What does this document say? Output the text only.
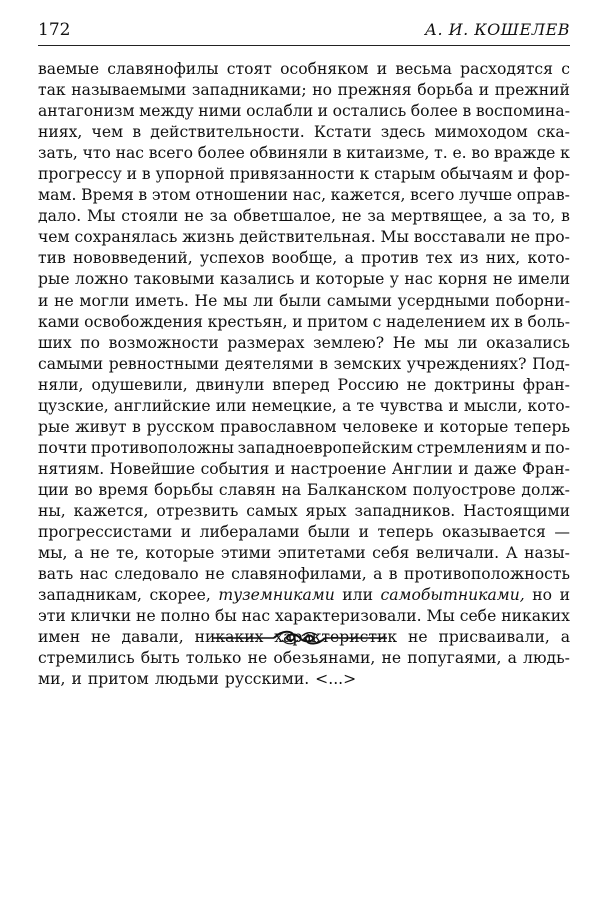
172	А. И. КОШЕЛЕВ
ваемые славянофилы стоят особняком и весьма расходятся с
так называемыми западниками; но прежняя борьба и прежний
антагонизм между ними ослабли и остались более в воспомина-
ниях, чем в действительности. Кстати здесь мимоходом ска-
зать, что нас всего более обвиняли в китаизме, т. е. во вражде к
прогрессу и в упорной привязанности к старым обычаям и фор-
мам. Время в этом отношении нас, кажется, всего лучше оправ-
дало. Мы стояли не за обветшалое, не за мертвящее, а за то, в
чем сохранялась жизнь действительная. Мы восставали не про-
тив нововведений, успехов вообще, а против тех из них, кото-
рые ложно таковыми казались и которые у нас корня не имели
и не могли иметь. Не мы ли были самыми усердными поборни-
ками освобождения крестьян, и притом с наделением их в боль-
ших по возможности размерах землею? Не мы ли оказались
самыми ревностными деятелями в земских учреждениях? Под-
няли, одушевили, двинули вперед Россию не доктрины фран-
цузские, английские или немецкие, а те чувства и мысли, кото-
рые живут в русском православном человеке и которые теперь
почти противоположны западноевропейским стремлениям и по-
нятиям. Новейшие события и настроение Англии и даже Фран-
ции во время борьбы славян на Балканском полуострове долж-
ны, кажется, отрезвить самых ярых западников. Настоящими
прогрессистами и либералами были и теперь оказывается —
мы, а не те, которые этими эпитетами себя величали. А назы-
вать нас следовало не славянофилами, а в противоположность
западникам, скорее, туземниками или самобытниками, но и
эти клички не полно бы нас характеризовали. Мы себе никаких
имен не давали, никаких характеристик не присваивали, а
стремились быть только не обезьянами, не попугаями, а людь-
ми, и притом людьми русскими. <...>
